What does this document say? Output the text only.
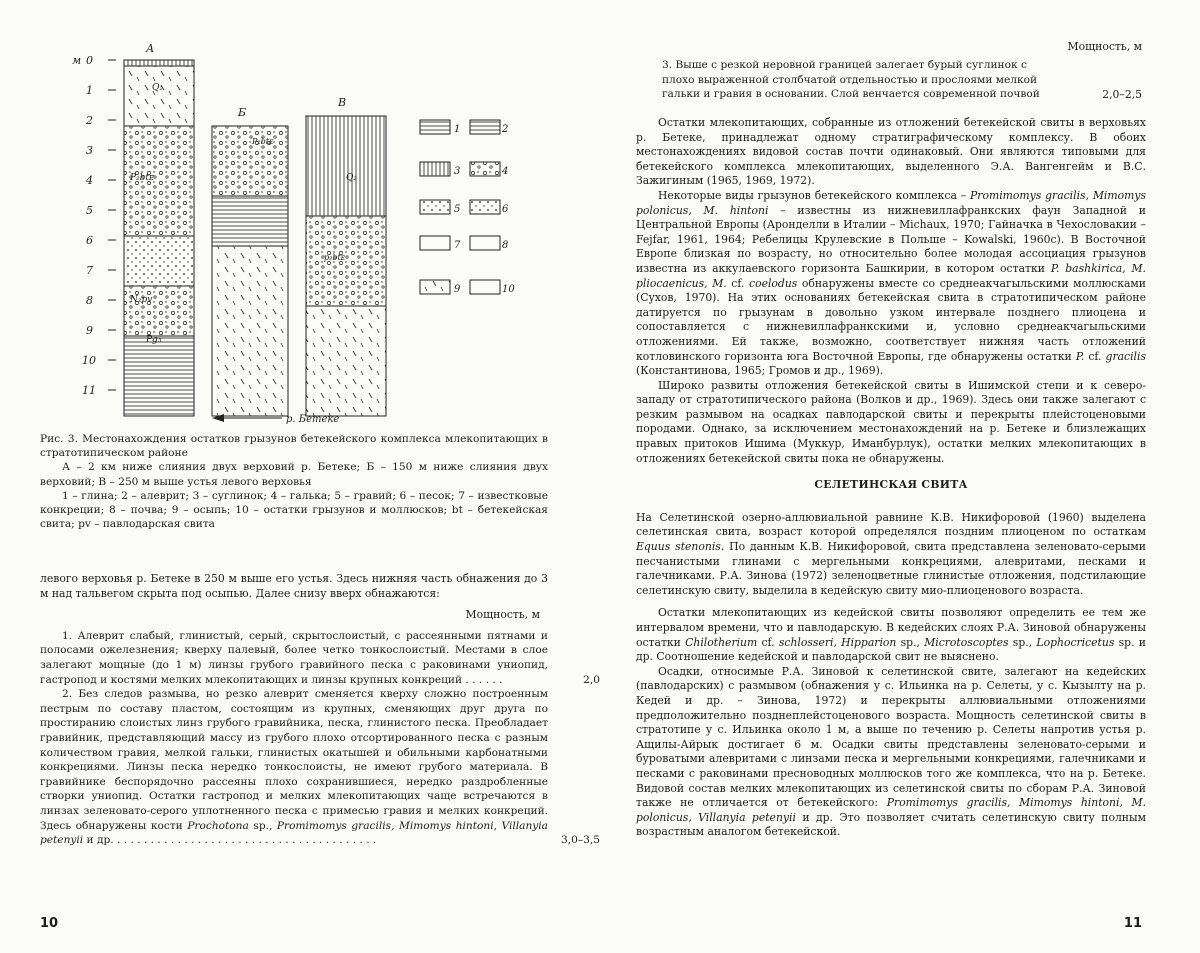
м 0
1
2
3
4
5
6
7
8
9
10
11
А
Q₂
P₂btᴇ
N₂pv
Pg₃
Б
P₂btᴇ
В
Q₂
p₂btᴇ
1	2
3	4
5	6
7	8
9	10
р. Бетеке

Рис. 3. Местонахождения остатков грызунов бетекейского комплекса млекопитающих в стратотипическом районе

А – 2 км ниже слияния двух верховий р. Бетеке; Б – 150 м ниже слияния двух верховий; В – 250 м выше устья левого верховья

1 – глина; 2 – алеврит; 3 – суглинок; 4 – галька; 5 – гравий; 6 – песок; 7 – известковые конкреции; 8 – почва; 9 – осыпь; 10 – остатки грызунов и моллюсков; bt – бетекейская свита; pv – павлодарская свита

левого верховья р. Бетеке в 250 м выше его устья. Здесь нижняя часть обнажения до 3 м над тальвегом скрыта под осыпью. Далее снизу вверх обнажаются:

Мощность, м

1. Алеврит слабый, глинистый, серый, скрытослоистый, с рассеянными пятнами и полосами ожелезнения; кверху палевый, более четко тонкослоистый. Местами в слое залегают мощные (до 1 м) линзы грубого гравийного песка с раковинами униопид, гастропод и костями мелких млекопитающих и линзы крупных конкреций . . . . . .	2,0

2. Без следов размыва, но резко алеврит сменяется кверху сложно построенным пестрым по составу пластом, состоящим из крупных, сменяющих друг друга по простиранию слоистых линз грубого гравийника, песка, глинистого песка. Преобладает гравийник, представляющий массу из грубого плохо отсортированного песка с разным количеством гравия, мелкой гальки, глинистых окатышей и обильными карбонатными конкрециями. Линзы песка нередко тонкослоисты, не имеют грубого материала. В гравийнике беспорядочно рассеяны плохо сохранившиеся, нередко раздробленные створки униопид. Остатки гастропод и мелких млекопитающих чаще встречаются в линзах зеленовато-серого уплотненного песка с примесью гравия и мелких конкреций. Здесь обнаружены кости Prochotona sp., Promimomys gracilis, Mimomys hintoni, Villanyia petenyii и др. . . . . . . . . . . . . . . . . . . . . . . . . . . . . . . . . . . . . . . .	3,0–3,5

10
Мощность, м
3. Выше с резкой неровной границей залегает бурый суглинок с плохо выраженной столбчатой отдельностью и прослоями мелкой гальки и гравия в основании. Слой венчается современной почвой	2,0–2,5

Остатки млекопитающих, собранные из отложений бетекейской свиты в верховьях р. Бетеке, принадлежат одному стратиграфическому комплексу. В обоих местонахождениях видовой состав почти одинаковый. Они являются типовыми для бетекейского комплекса млекопитающих, выделенного Э.А. Вангенгейм и В.С. Зажигиным (1965, 1969, 1972).

Некоторые виды грызунов бетекейского комплекса – Promimomys gracilis, Mimomys polonicus, M. hintoni – известны из нижневиллафранкских фаун Западной и Центральной Европы (Аронделли в Италии – Michaux, 1970; Гайначка в Чехословакии – Fejfar, 1961, 1964; Ребелицы Крулевские в Польше – Kowalski, 1960с). В Восточной Европе близкая по возрасту, но относительно более молодая ассоциация грызунов известна из аккулаевского горизонта Башкирии, в котором остатки P. bashkirica, M. pliocaenicus, M. cf. coelodus обнаружены вместе со среднеакчагыльскими моллюсками (Сухов, 1970). На этих основаниях бетекейская свита в стратотипическом районе датируется по грызунам в довольно узком интервале позднего плиоцена и сопоставляется с нижневиллафранкскими и, условно среднеакчагыльскими отложениями. Ей также, возможно, соответствует нижняя часть отложений котловинского горизонта юга Восточной Европы, где обнаружены остатки P. cf. gracilis (Константинова, 1965; Громов и др., 1969).

Широко развиты отложения бетекейской свиты в Ишимской степи и к северо-западу от стратотипического района (Волков и др., 1969). Здесь они также залегают с резким размывом на осадках павлодарской свиты и перекрыты плейстоценовыми породами. Однако, за исключением местонахождений на р. Бетеке и близлежащих правых притоков Ишима (Муккур, Иманбурлук), остатки мелких млекопитающих в отложениях бетекейской свиты пока не обнаружены.

СЕЛЕТИНСКАЯ СВИТА

На Селетинской озерно-аллювиальной равнине К.В. Никифоровой (1960) выделена селетинская свита, возраст которой определялся поздним плиоценом по остаткам Equus stenonis. По данным К.В. Никифоровой, свита представлена зеленовато-серыми песчанистыми глинами с мергельными конкрециями, алевритами, песками и галечниками. Р.А. Зинова (1972) зеленоцветные глинистые отложения, подстилающие селетинскую свиту, выделила в кедейскую свиту мио-плиоценового возраста.

Остатки млекопитающих из кедейской свиты позволяют определить ее тем же интервалом времени, что и павлодарскую. В кедейских слоях Р.А. Зиновой обнаружены остатки Chilotherium cf. schlosseri, Hipparion sp., Microtoscoptes sp., Lophocricetus sp. и др. Соотношение кедейской и павлодарской свит не выяснено.

Осадки, относимые Р.А. Зиновой к селетинской свите, залегают на кедейских (павлодарских) с размывом (обнажения у с. Ильинка на р. Селеты, у с. Кызылту на р. Кедей и др. – Зинова, 1972) и перекрыты аллювиальными отложениями предположительно позднеплейстоценового возраста. Мощность селетинской свиты в стратотипе у с. Ильинка около 1 м, а выше по течению р. Селеты напротив устья р. Ащилы-Айрык достигает 6 м. Осадки свиты представлены зеленовато-серыми и буроватыми алевритами с линзами песка и мергельными конкрециями, галечниками и песками с раковинами пресноводных моллюсков того же комплекса, что на р. Бетеке. Видовой состав мелких млекопитающих из селетинской свиты по сборам Р.А. Зиновой также не отличается от бетекейского: Promimomys gracilis, Mimomys hintoni, M. polonicus, Villanyia petenyii и др. Это позволяет считать селетинскую свиту полным возрастным аналогом бетекейской.

11
